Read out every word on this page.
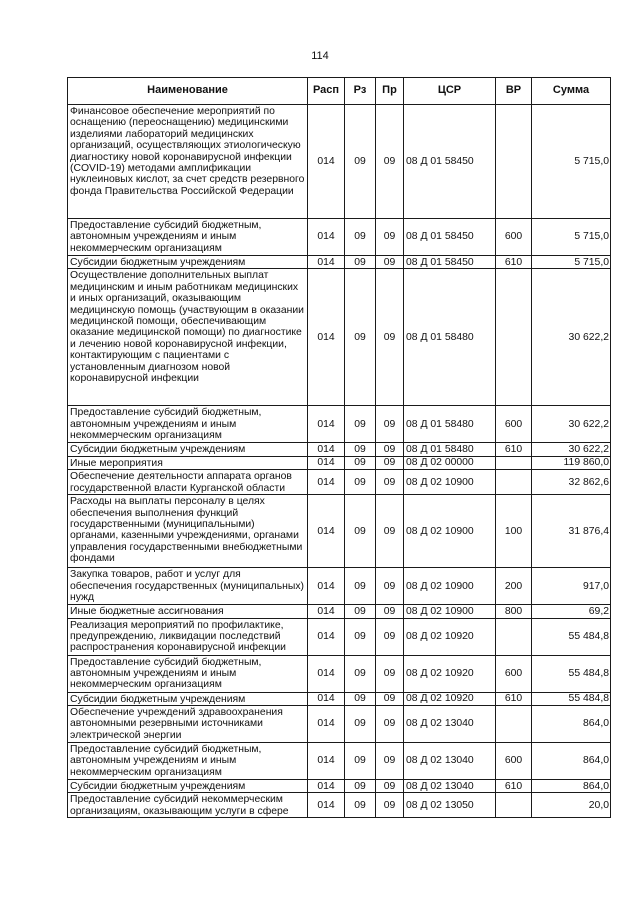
114
Наименование	Расп	Рз	Пр	ЦСР	ВР	Сумма
Финансовое обеспечение мероприятий по оснащению (переоснащению) медицинскими изделиями лабораторий медицинских организаций, осуществляющих этиологическую диагностику новой коронавирусной инфекции (COVID-19) методами амплификации нуклеиновых кислот, за счет средств резервного фонда Правительства Российской Федерации	014	09	09	08 Д 01 58450		5 715,0
Предоставление субсидий бюджетным, автономным учреждениям и иным некоммерческим организациям	014	09	09	08 Д 01 58450	600	5 715,0
Субсидии бюджетным учреждениям	014	09	09	08 Д 01 58450	610	5 715,0
Осуществление дополнительных выплат медицинским и иным работникам медицинских и иных организаций, оказывающим медицинскую помощь (участвующим в оказании медицинской помощи, обеспечивающим оказание медицинской помощи) по диагностике и лечению новой коронавирусной инфекции, контактирующим с пациентами с установленным диагнозом новой коронавирусной инфекции	014	09	09	08 Д 01 58480		30 622,2
Предоставление субсидий бюджетным, автономным учреждениям и иным некоммерческим организациям	014	09	09	08 Д 01 58480	600	30 622,2
Субсидии бюджетным учреждениям	014	09	09	08 Д 01 58480	610	30 622,2
Иные мероприятия	014	09	09	08 Д 02 00000		119 860,0
Обеспечение деятельности аппарата органов государственной власти Курганской области	014	09	09	08 Д 02 10900		32 862,6
Расходы на выплаты персоналу в целях обеспечения выполнения функций государственными (муниципальными) органами, казенными учреждениями, органами управления государственными внебюджетными фондами	014	09	09	08 Д 02 10900	100	31 876,4
Закупка товаров, работ и услуг для обеспечения государственных (муниципальных) нужд	014	09	09	08 Д 02 10900	200	917,0
Иные бюджетные ассигнования	014	09	09	08 Д 02 10900	800	69,2
Реализация мероприятий по профилактике, предупреждению, ликвидации последствий распространения коронавирусной инфекции	014	09	09	08 Д 02 10920		55 484,8
Предоставление субсидий бюджетным, автономным учреждениям и иным некоммерческим организациям	014	09	09	08 Д 02 10920	600	55 484,8
Субсидии бюджетным учреждениям	014	09	09	08 Д 02 10920	610	55 484,8
Обеспечение учреждений здравоохранения автономными резервными источниками электрической энергии	014	09	09	08 Д 02 13040		864,0
Предоставление субсидий бюджетным, автономным учреждениям и иным некоммерческим организациям	014	09	09	08 Д 02 13040	600	864,0
Субсидии бюджетным учреждениям	014	09	09	08 Д 02 13040	610	864,0
Предоставление субсидий некоммерческим организациям, оказывающим услуги в сфере	014	09	09	08 Д 02 13050		20,0
